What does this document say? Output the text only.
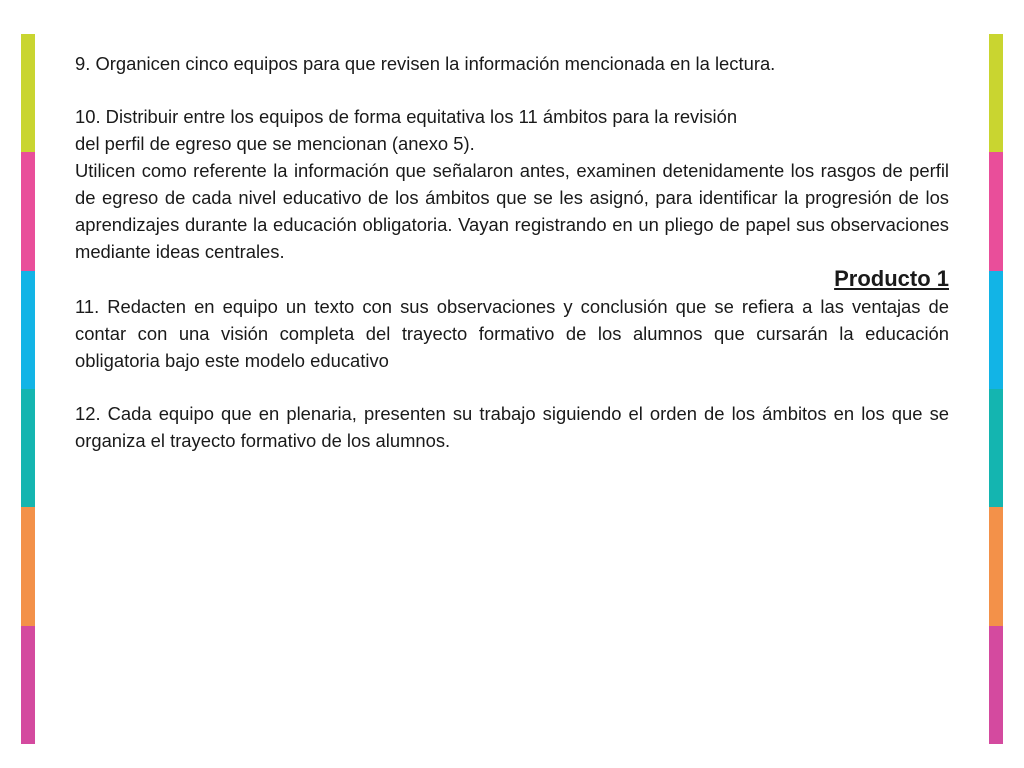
9. Organicen cinco equipos para que revisen la información mencionada en la lectura.

10. Distribuir entre los equipos de forma equitativa los 11 ámbitos para la revisión

del perfil de egreso que se mencionan (anexo 5).

Utilicen como referente la información que señalaron antes, examinen detenidamente los rasgos de perfil de egreso de cada nivel educativo de los ámbitos que se les asignó, para identificar la progresión de los aprendizajes durante la educación obligatoria. Vayan registrando en un pliego de papel sus observaciones mediante ideas centrales.

Producto 1

11. Redacten en equipo un texto con sus observaciones y conclusión que se refiera a las ventajas de contar con una visión completa del trayecto formativo de los alumnos que cursarán la educación obligatoria bajo este modelo educativo

12. Cada equipo que en plenaria, presenten su trabajo siguiendo el orden de los ámbitos en los que se organiza el trayecto formativo de los alumnos.
